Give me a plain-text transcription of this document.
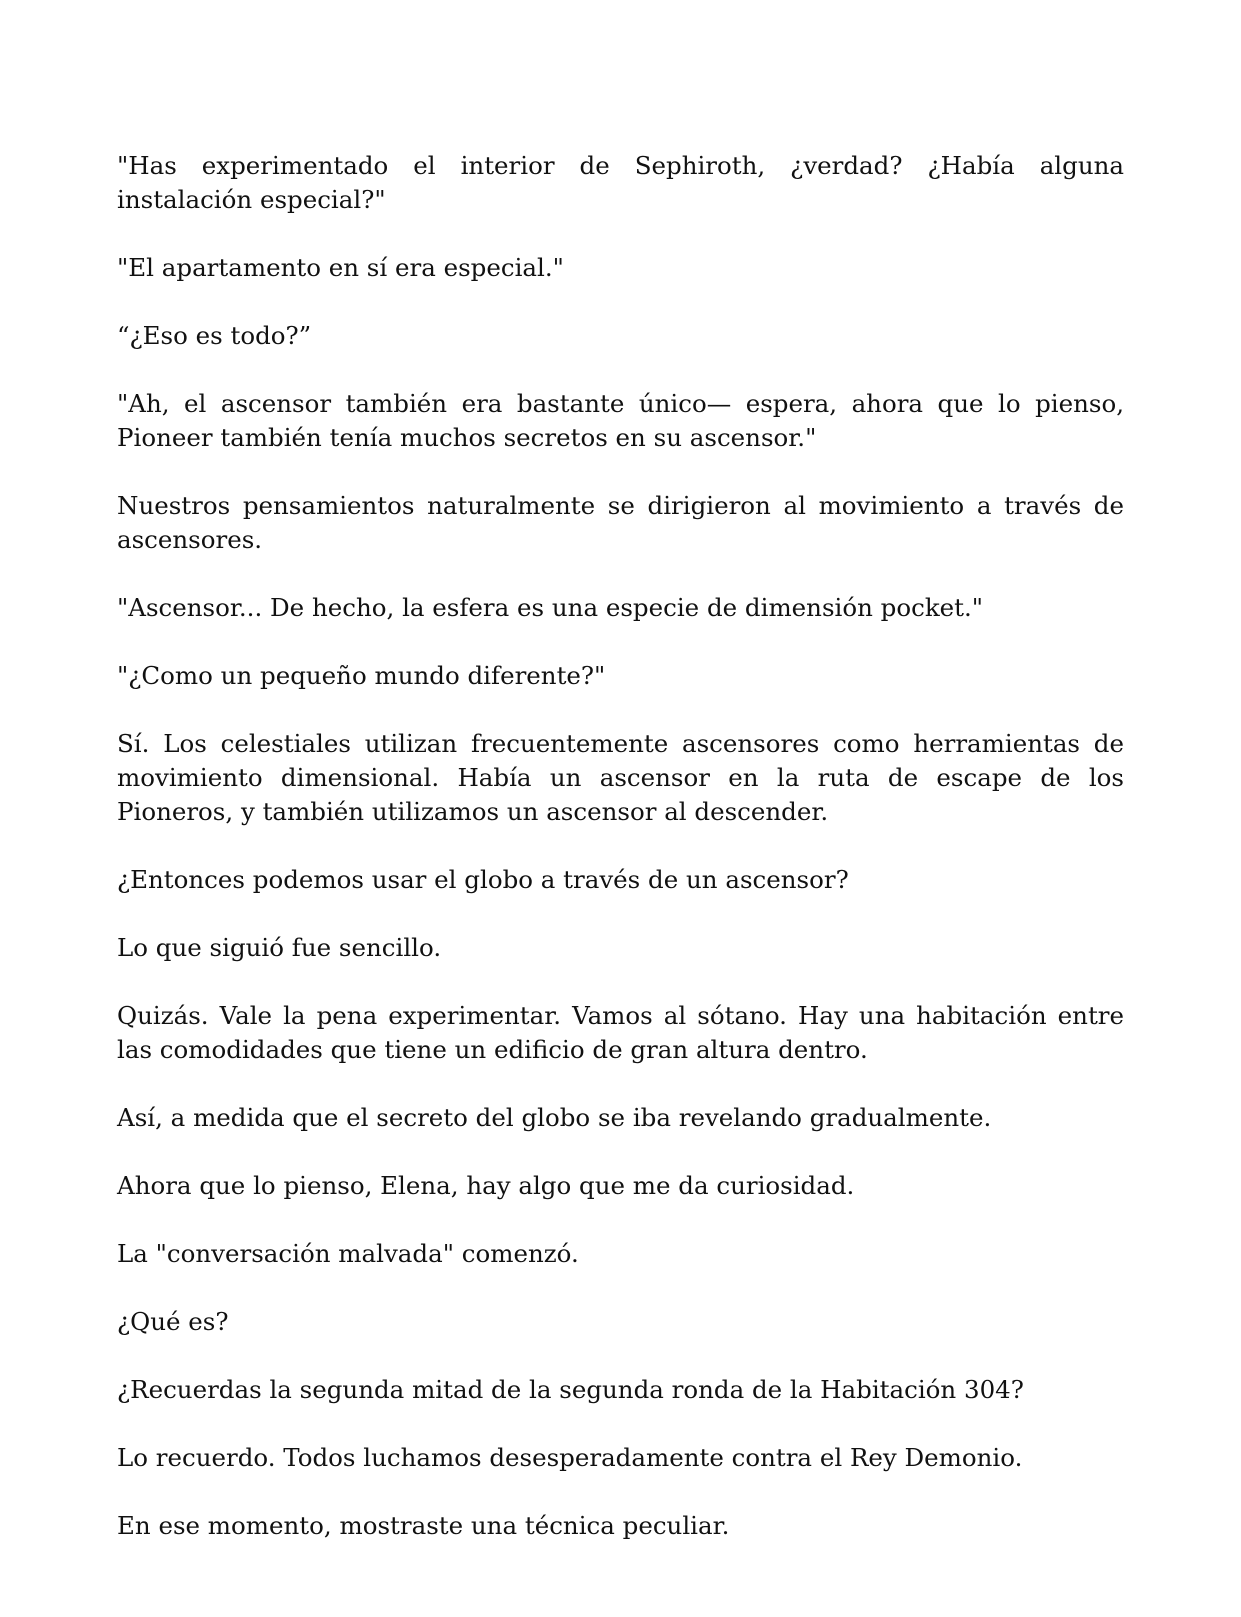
"Has experimentado el interior de Sephiroth, ¿verdad? ¿Había alguna instalación especial?"

"El apartamento en sí era especial."

“¿Eso es todo?”

"Ah, el ascensor también era bastante único— espera, ahora que lo pienso, Pioneer también tenía muchos secretos en su ascensor."

Nuestros pensamientos naturalmente se dirigieron al movimiento a través de ascensores.

"Ascensor... De hecho, la esfera es una especie de dimensión pocket."

"¿Como un pequeño mundo diferente?"

Sí. Los celestiales utilizan frecuentemente ascensores como herramientas de movimiento dimensional. Había un ascensor en la ruta de escape de los Pioneros, y también utilizamos un ascensor al descender.

¿Entonces podemos usar el globo a través de un ascensor?

Lo que siguió fue sencillo.

Quizás. Vale la pena experimentar. Vamos al sótano. Hay una habitación entre las comodidades que tiene un edificio de gran altura dentro.

Así, a medida que el secreto del globo se iba revelando gradualmente.

Ahora que lo pienso, Elena, hay algo que me da curiosidad.

La "conversación malvada" comenzó.

¿Qué es?

¿Recuerdas la segunda mitad de la segunda ronda de la Habitación 304?

Lo recuerdo. Todos luchamos desesperadamente contra el Rey Demonio.

En ese momento, mostraste una técnica peculiar.
